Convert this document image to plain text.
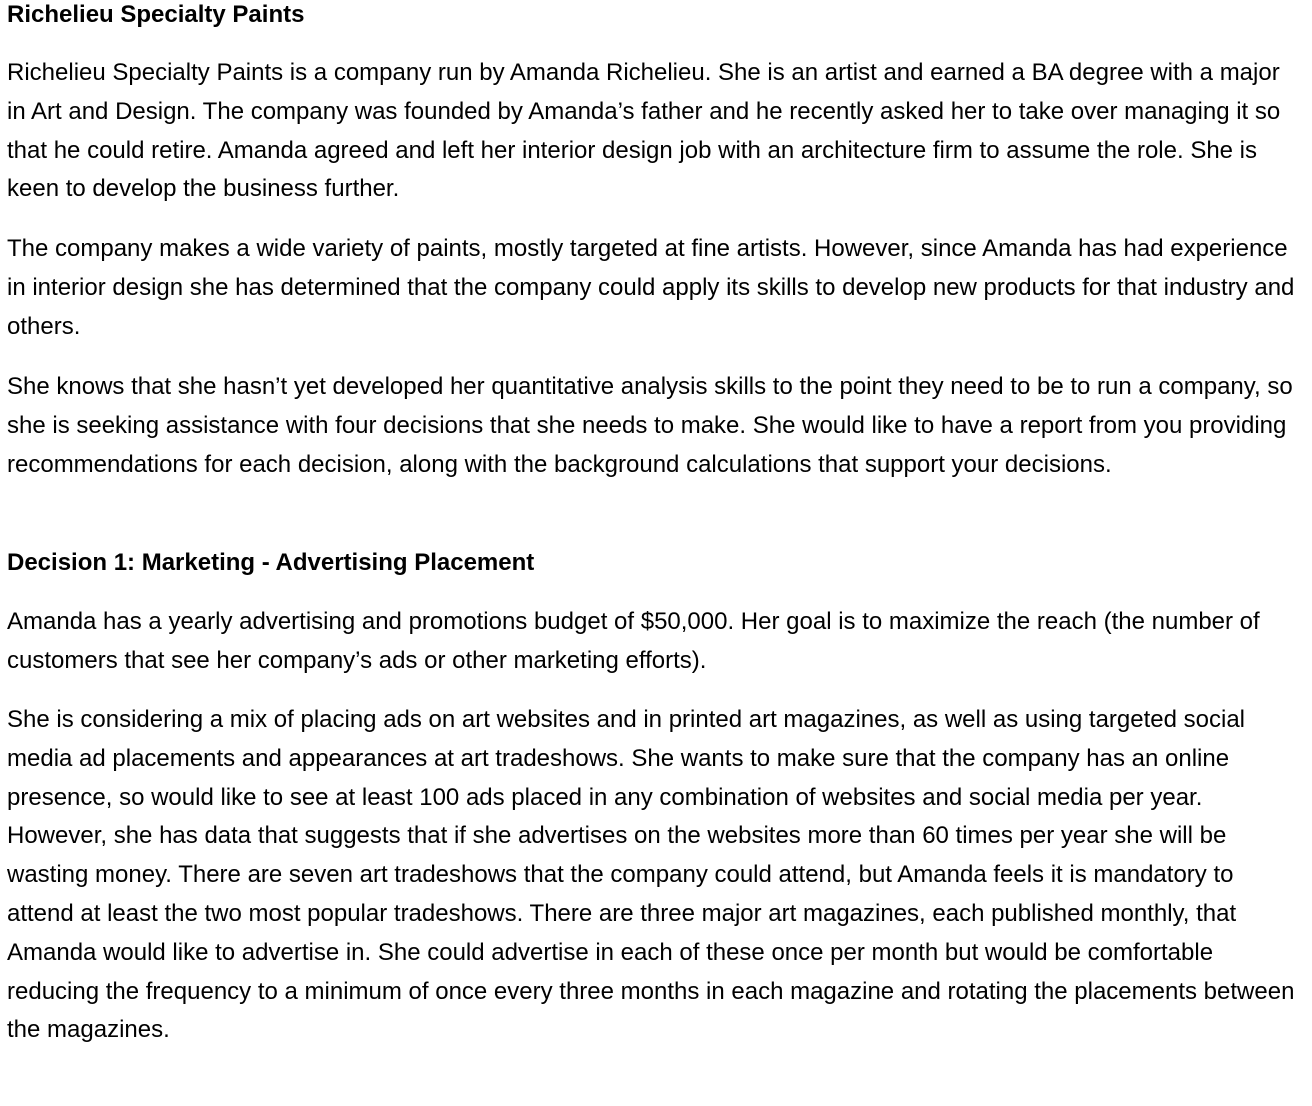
Richelieu Specialty Paints

Richelieu Specialty Paints is a company run by Amanda Richelieu. She is an artist and earned a BA degree with a major in Art and Design. The company was founded by Amanda’s father and he recently asked her to take over managing it so that he could retire. Amanda agreed and left her interior design job with an architecture firm to assume the role. She is keen to develop the business further.

The company makes a wide variety of paints, mostly targeted at fine artists. However, since Amanda has had experience in interior design she has determined that the company could apply its skills to develop new products for that industry and others.

She knows that she hasn’t yet developed her quantitative analysis skills to the point they need to be to run a company, so she is seeking assistance with four decisions that she needs to make. She would like to have a report from you providing recommendations for each decision, along with the background calculations that support your decisions.

Decision 1: Marketing - Advertising Placement

Amanda has a yearly advertising and promotions budget of $50,000. Her goal is to maximize the reach (the number of customers that see her company’s ads or other marketing efforts).

She is considering a mix of placing ads on art websites and in printed art magazines, as well as using targeted social media ad placements and appearances at art tradeshows. She wants to make sure that the company has an online presence, so would like to see at least 100 ads placed in any combination of websites and social media per year. However, she has data that suggests that if she advertises on the websites more than 60 times per year she will be wasting money. There are seven art tradeshows that the company could attend, but Amanda feels it is mandatory to attend at least the two most popular tradeshows. There are three major art magazines, each published monthly, that Amanda would like to advertise in. She could advertise in each of these once per month but would be comfortable reducing the frequency to a minimum of once every three months in each magazine and rotating the placements between the magazines.
